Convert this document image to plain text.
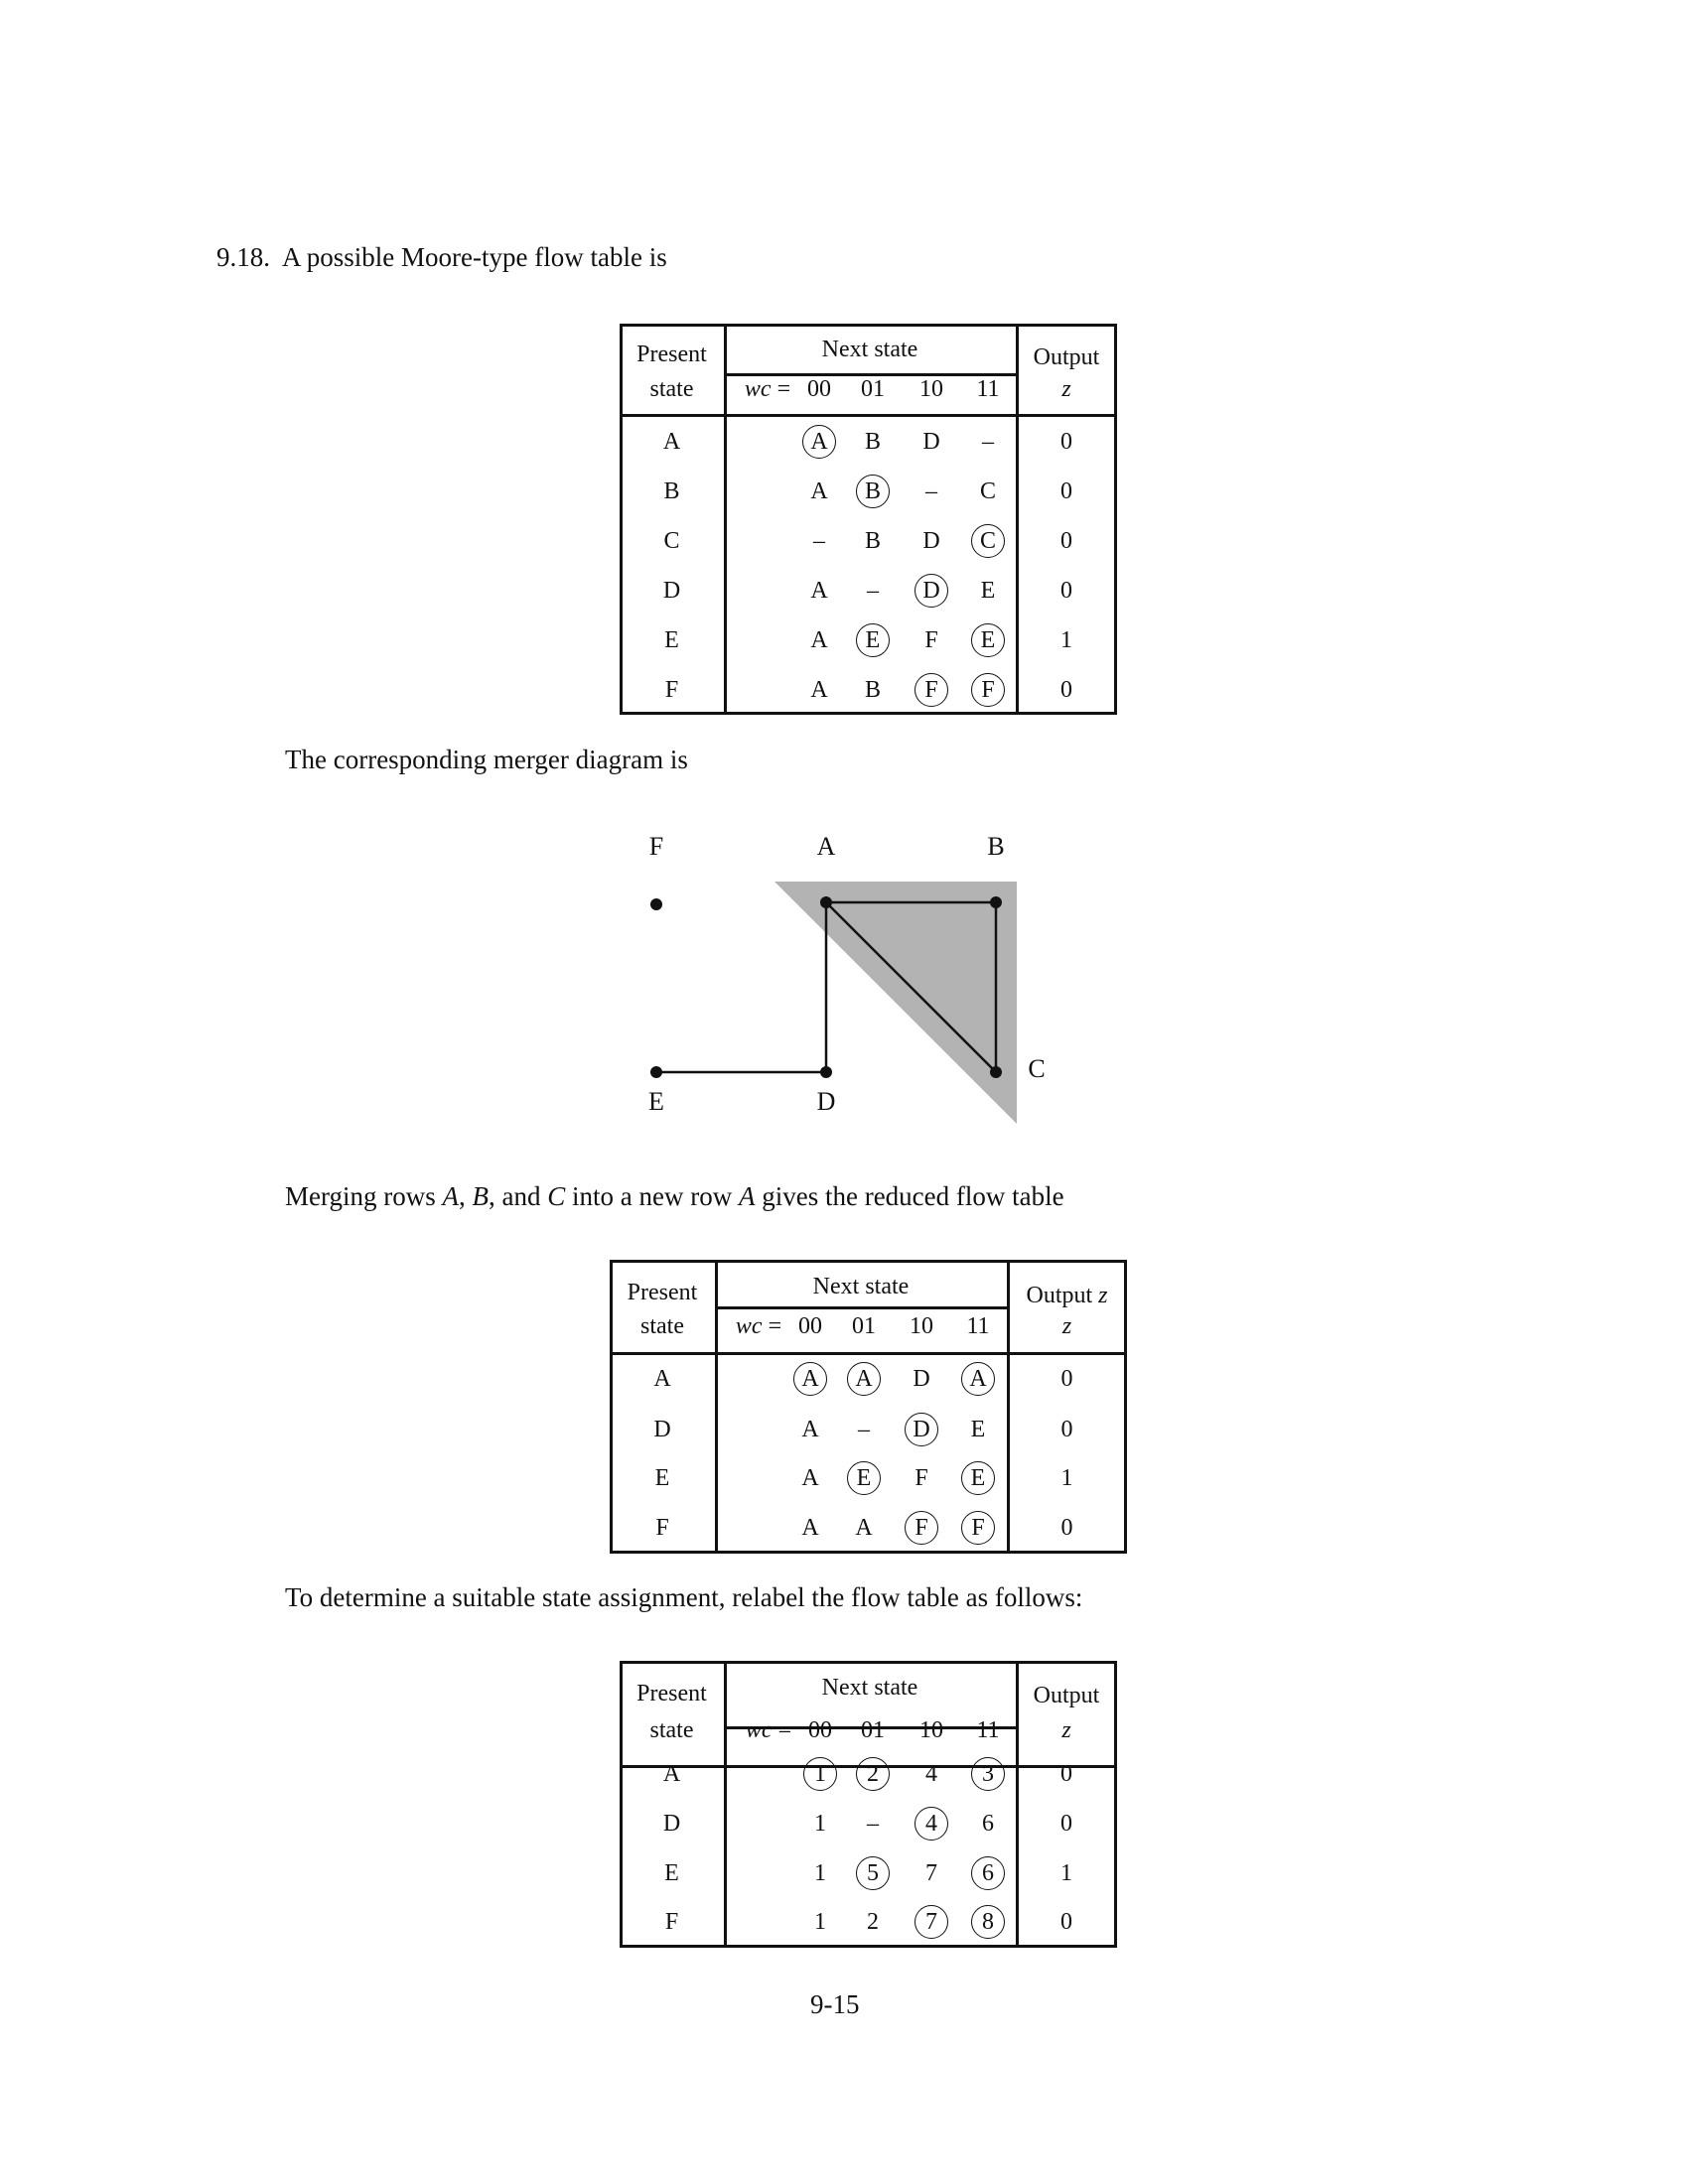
9.18. A possible Moore-type flow table is
Present
state
Next state	Output
z
wc = 00 01 10 11
A	A	B D –	0
B	A	B	– C	0
C	– B D	C	0
D	A –	D	E	0
E	A	E	F	E	1
F	A B	F	F	0
The corresponding merger diagram is
F	A	B
E	D
C
Merging rows A, B, and C into a new row A gives the reduced flow table
Present
state
Next state	Output z
z
wc = 00 01 10 11
A	A	A	D	A	0
D	A –	D	E	0
E	A	E	F	E	1
F	A A	F	F	0
To determine a suitable state assignment, relabel the flow table as follows:
Present
state
Next state	Output
z
wc = 00 01 10 11
A	1	2	4	3	0
D	1 –	4	6	0
E	1	5	7	6	1
F	1 2	7	8	0
9-15
